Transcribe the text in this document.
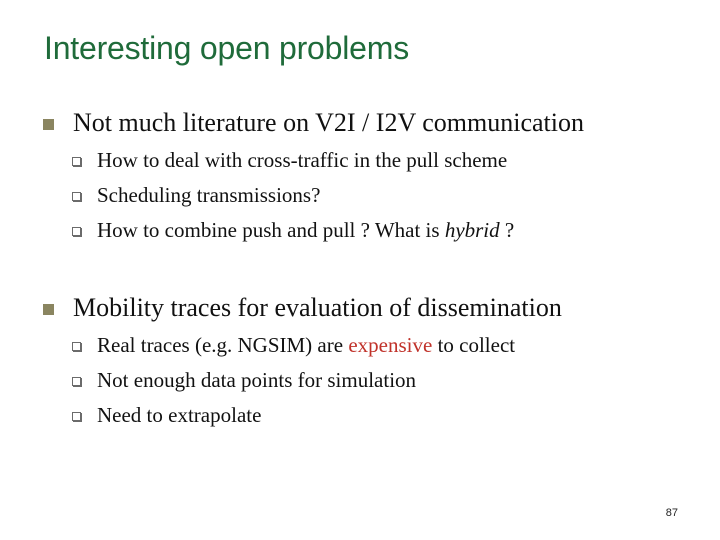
Interesting open problems
Not much literature on V2I / I2V communication
How to deal with cross-traffic in the pull scheme
Scheduling transmissions?
How to combine push and pull ? What is hybrid ?
Mobility traces for evaluation of dissemination
Real traces (e.g. NGSIM) are expensive to collect
Not enough data points for simulation
Need to extrapolate
87
